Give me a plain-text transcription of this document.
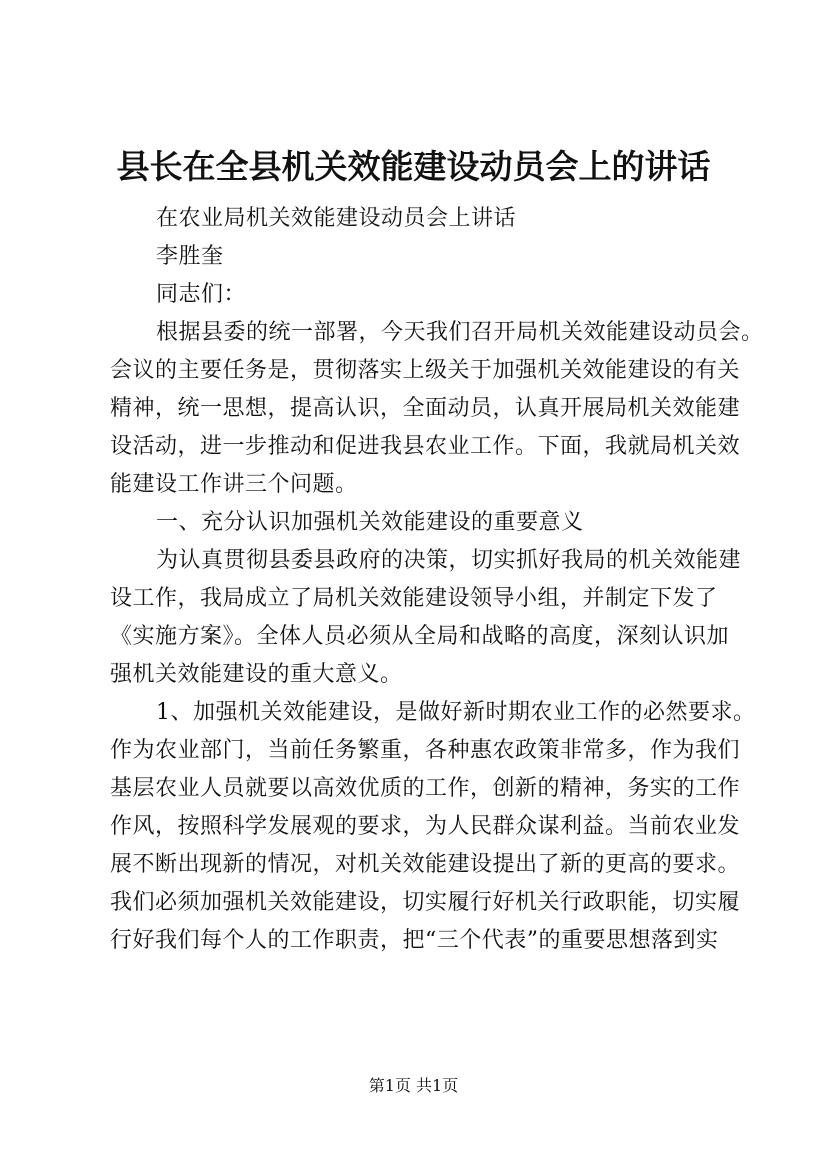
县长在全县机关效能建设动员会上的讲话
在农业局机关效能建设动员会上讲话
李胜奎
同志们：
根据县委的统一部署，今天我们召开局机关效能建设动员会。
会议的主要任务是，贯彻落实上级关于加强机关效能建设的有关
精神，统一思想，提高认识，全面动员，认真开展局机关效能建
设活动，进一步推动和促进我县农业工作。下面，我就局机关效
能建设工作讲三个问题。
一、充分认识加强机关效能建设的重要意义
为认真贯彻县委县政府的决策，切实抓好我局的机关效能建
设工作，我局成立了局机关效能建设领导小组，并制定下发了
《实施方案》。全体人员必须从全局和战略的高度，深刻认识加
强机关效能建设的重大意义。
1、加强机关效能建设，是做好新时期农业工作的必然要求。
作为农业部门，当前任务繁重，各种惠农政策非常多，作为我们
基层农业人员就要以高效优质的工作，创新的精神，务实的工作
作风，按照科学发展观的要求，为人民群众谋利益。当前农业发
展不断出现新的情况，对机关效能建设提出了新的更高的要求。
我们必须加强机关效能建设，切实履行好机关行政职能，切实履
行好我们每个人的工作职责，把“三个代表”的重要思想落到实
第1页 共1页
